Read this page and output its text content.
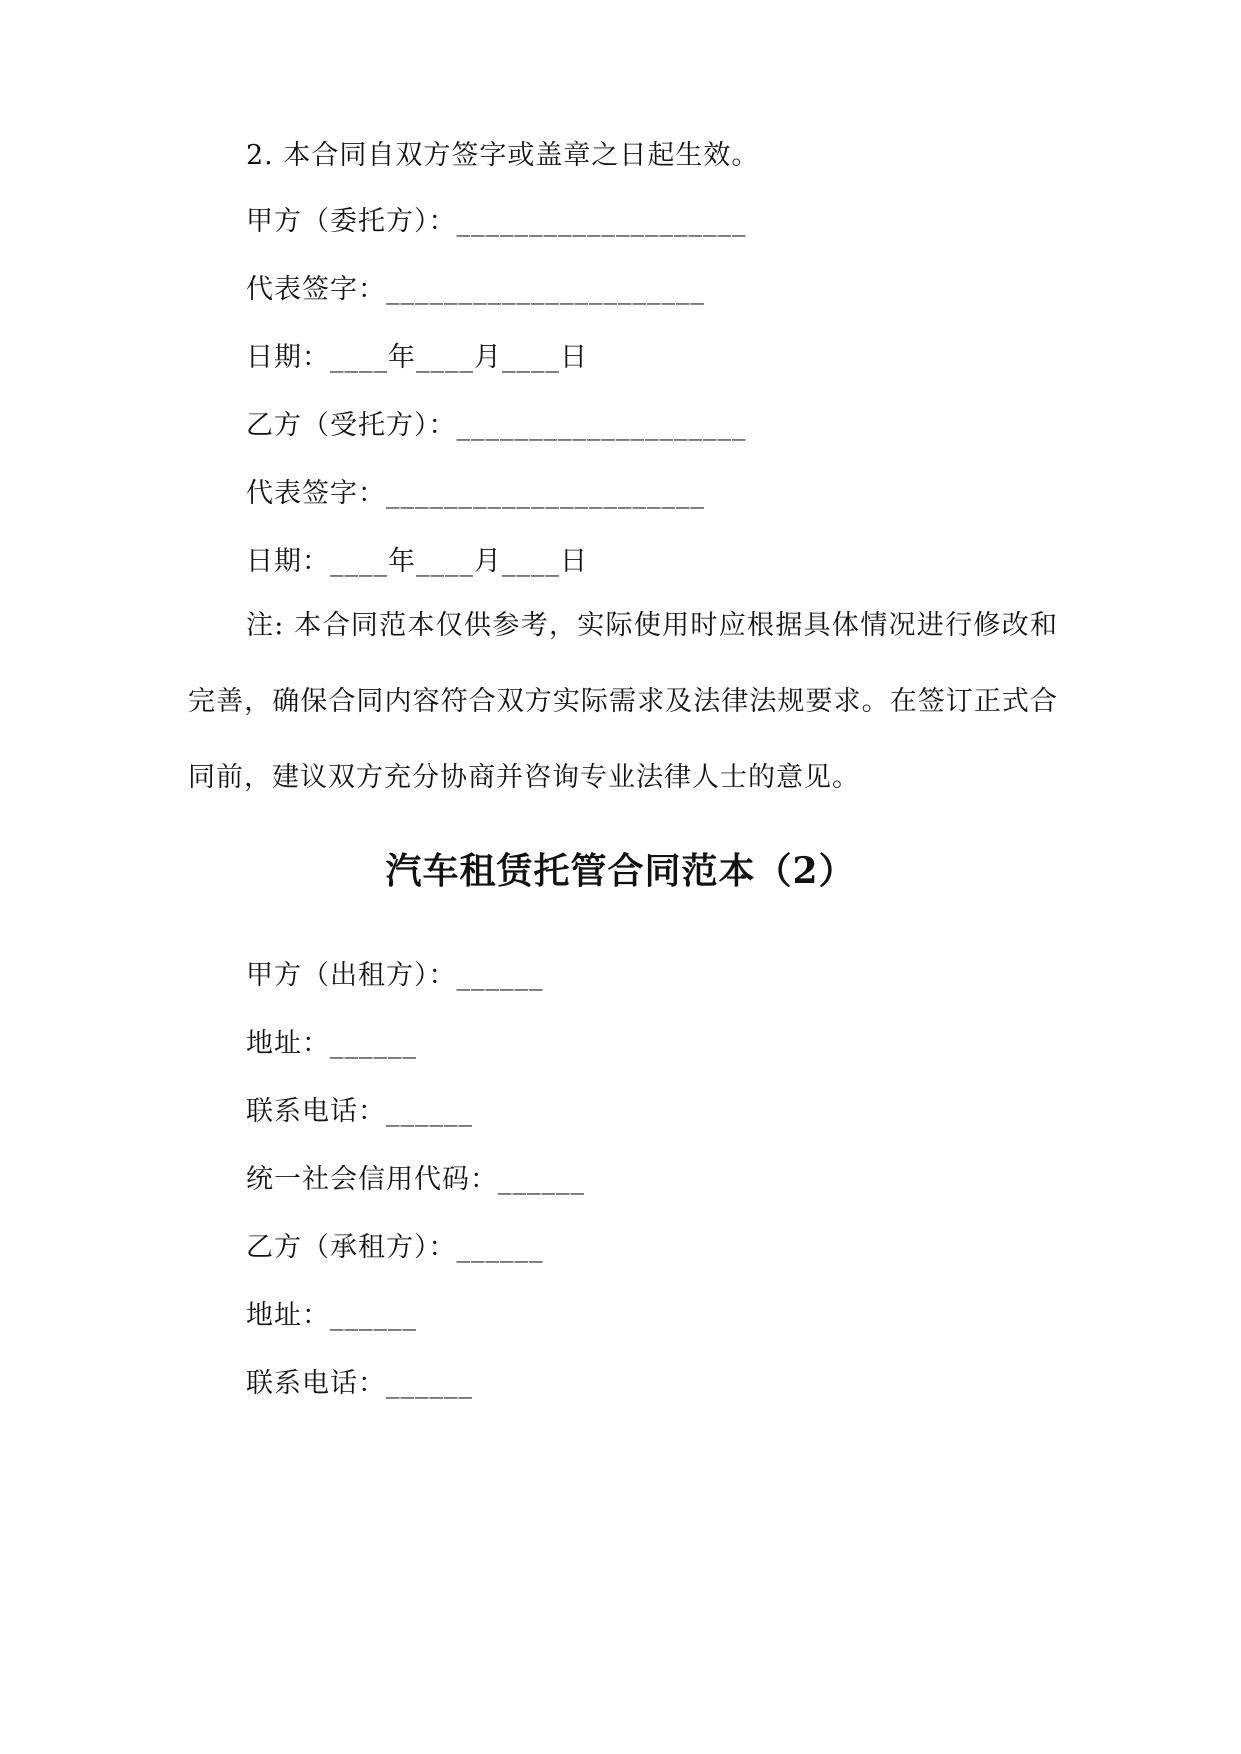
2. 本合同自双方签字或盖章之日起生效。
甲方（委托方）：____________________
代表签字：______________________
日期：____年____月____日
乙方（受托方）：____________________
代表签字：______________________
日期：____年____月____日
注: 本合同范本仅供参考，实际使用时应根据具体情况进行修改和完善，确保合同内容符合双方实际需求及法律法规要求。在签订正式合同前，建议双方充分协商并咨询专业法律人士的意见。
汽车租赁托管合同范本（2）
甲方（出租方）：______
地址：______
联系电话：______
统一社会信用代码：______
乙方（承租方）：______
地址：______
联系电话：______
